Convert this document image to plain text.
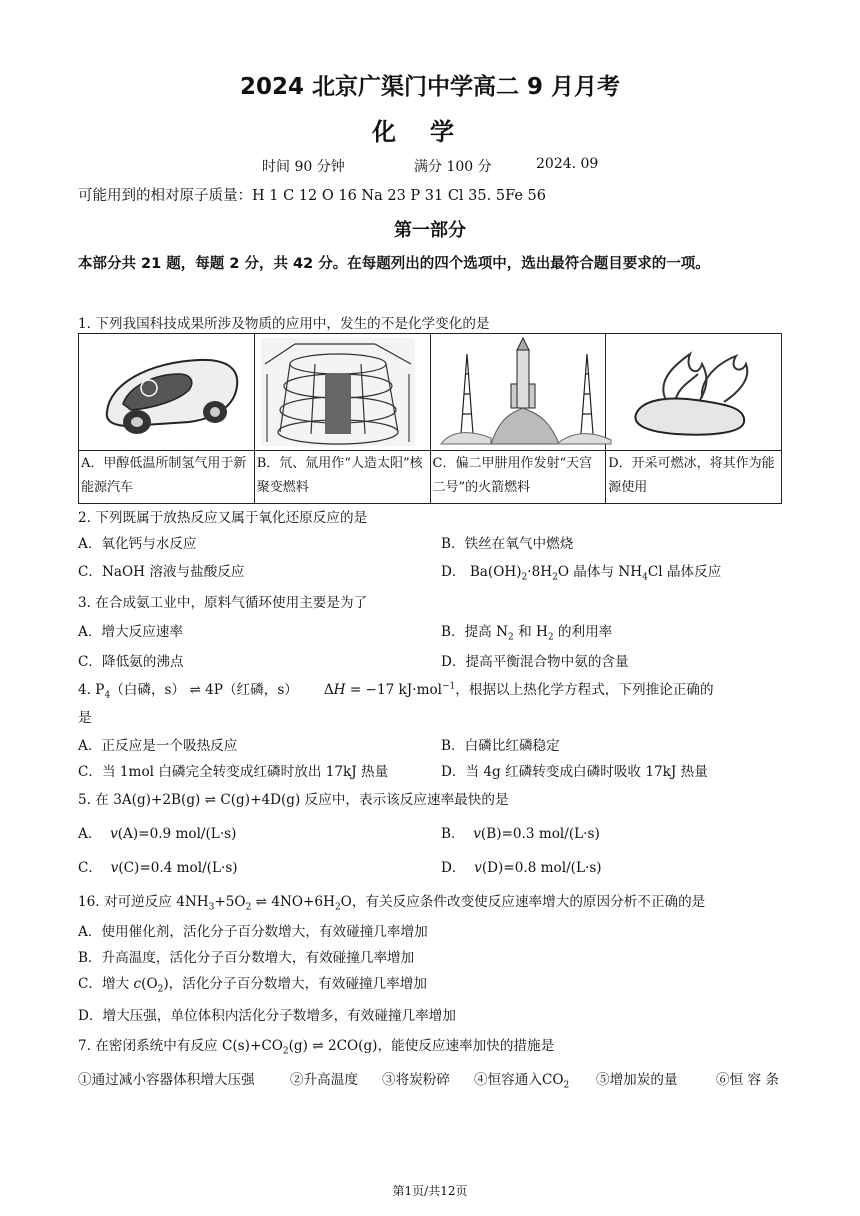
2024 北京广渠门中学高二 9 月月考
化学
时间 90 分钟	满分 100 分	2024. 09
可能用到的相对原子质量：H 1 C 12 O 16 Na 23 P 31 Cl 35. 5Fe 56
第一部分
本部分共 21 题，每题 2 分，共 42 分。在每题列出的四个选项中，选出最符合题目要求的一项。
1. 下列我国科技成果所涉及物质的应用中，发生的不是化学变化的是

A．甲醇低温所制氢气用于新能源汽车	B．氘、氚用作“人造太阳”核聚变燃料	C．偏二甲肼用作发射“天宫二号”的火箭燃料	D．开采可燃冰，将其作为能源使用
2. 下列既属于放热反应又属于氧化还原反应的是
A．氧化钙与水反应	B．铁丝在氧气中燃烧
C．NaOH 溶液与盐酸反应	D． $Ba(OH)_2\cdot 8H_2O$ 晶体与 $NH_4Cl$ 晶体反应
3. 在合成氨工业中，原料气循环使用主要是为了
A．增大反应速率	B．提高 $N_2$ 和 $H_2$ 的利用率
C．降低氨的沸点	D．提高平衡混合物中氨的含量
4. $P_4$（白磷，s） ⇌ 4P（红磷，s）      ΔH = −17 kJ·mol$^{-1}$，根据以上热化学方程式，下列推论正确的
是
A．正反应是一个吸热反应	B．白磷比红磷稳定
C．当 1mol 白磷完全转变成红磷时放出 17kJ 热量	D．当 4g 红磷转变成白磷时吸收 17kJ 热量
5. 在 3A(g)+2B(g) ⇌ C(g)+4D(g) 反应中，表示该反应速率最快的是
A．  v(A)=0.9 mol/(L·s)	B．  v(B)=0.3 mol/(L·s)
C．  v(C)=0.4 mol/(L·s)	D．  v(D)=0.8 mol/(L·s)
16. 对可逆反应 $4NH_3+5O_2$ ⇌ $4NO+6H_2O$，有关反应条件改变使反应速率增大的原因分析不正确的是
A．使用催化剂，活化分子百分数增大，有效碰撞几率增加
B．升高温度，活化分子百分数增大，有效碰撞几率增加
C．增大 $c(O_2)$，活化分子百分数增大，有效碰撞几率增加
D．增大压强，单位体积内活化分子数增多，有效碰撞几率增加
7. 在密闭系统中有反应 $C(s)+CO_2(g)$ ⇌ 2CO(g)，能使反应速率加快的措施是
①通过减小容器体积增大压强	②升高温度 ③将炭粉碎 ④恒容通入$CO_2$ ⑤增加炭的量	⑥恒 容 条
第1页/共12页
